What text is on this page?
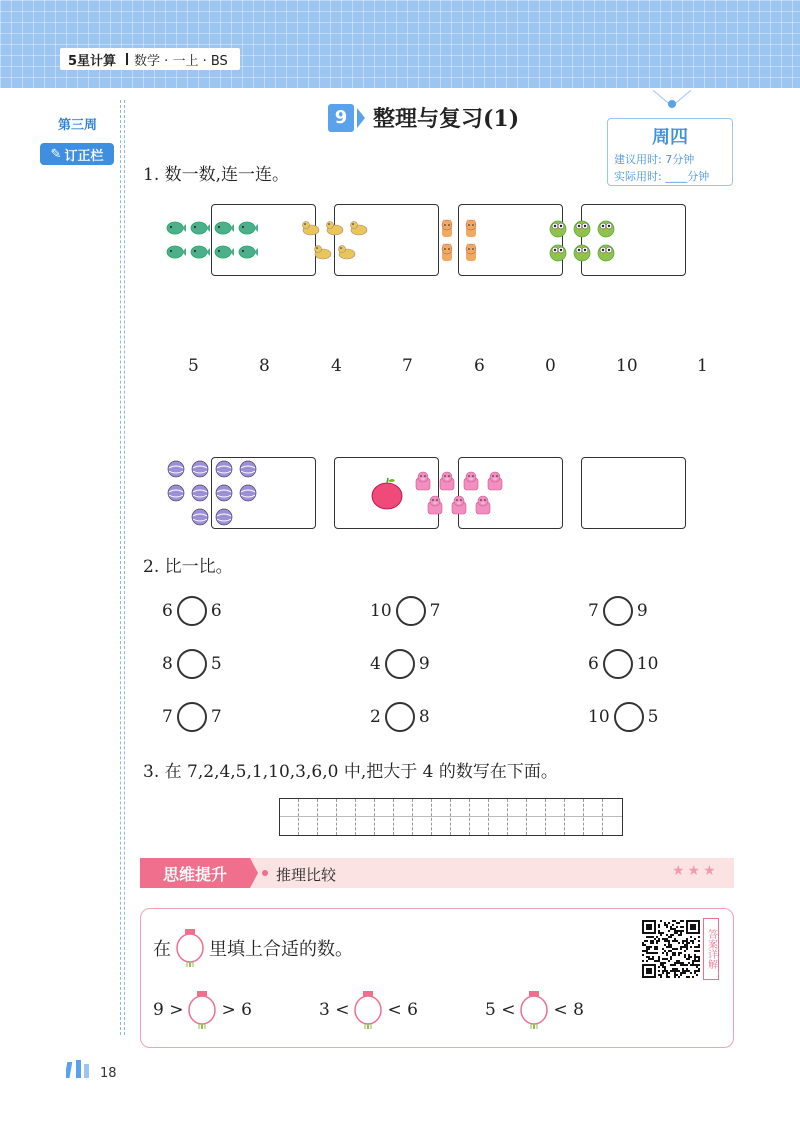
5星计算 数学 · 一上 · BS
第三周
✎ 订正栏
9	整理与复习(1)
周四
建议用时: 7分钟
实际用时: ____分钟
1. 数一数,连一连。
5	8	4	7	6	0	10	1
2. 比一比。
6 6	10 7	7 9
8 5	4 9	6 10
7 7	2 8	10 5
3. 在 7,2,4,5,1,10,3,6,0 中,把大于 4 的数写在下面。
思维提升	推理比较	★★★
在 里填上合适的数。
9 > > 6	3 < < 6	5 < < 8
答案详解
18
